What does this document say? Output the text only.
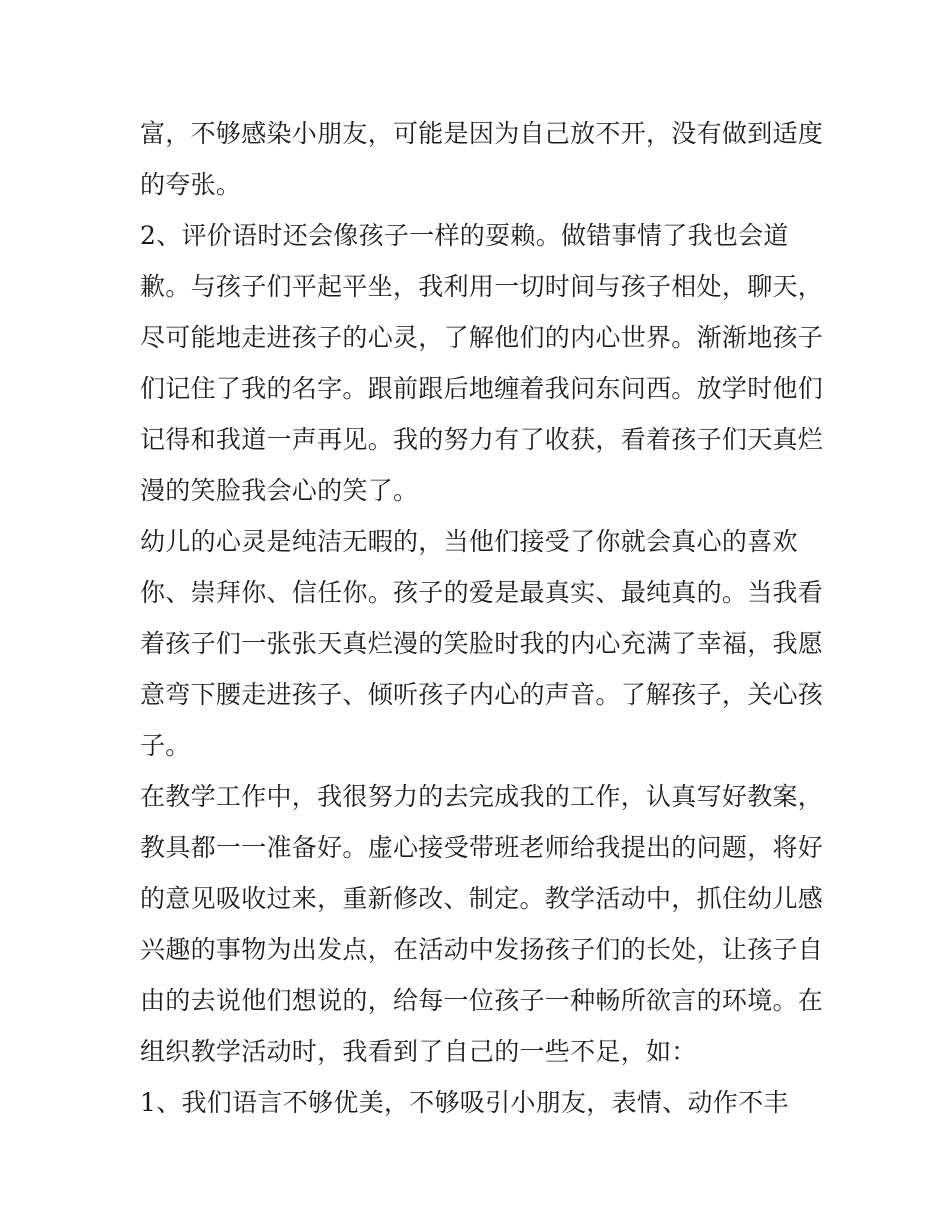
富，不够感染小朋友，可能是因为自己放不开，没有做到适度
的夸张。
2、评价语时还会像孩子一样的耍赖。做错事情了我也会道
歉。与孩子们平起平坐，我利用一切时间与孩子相处，聊天，
尽可能地走进孩子的心灵，了解他们的内心世界。渐渐地孩子
们记住了我的名字。跟前跟后地缠着我问东问西。放学时他们
记得和我道一声再见。我的努力有了收获，看着孩子们天真烂
漫的笑脸我会心的笑了。
幼儿的心灵是纯洁无暇的，当他们接受了你就会真心的喜欢
你、崇拜你、信任你。孩子的爱是最真实、最纯真的。当我看
着孩子们一张张天真烂漫的笑脸时我的内心充满了幸福，我愿
意弯下腰走进孩子、倾听孩子内心的声音。了解孩子，关心孩
子。
在教学工作中，我很努力的去完成我的工作，认真写好教案，
教具都一一准备好。虚心接受带班老师给我提出的问题，将好
的意见吸收过来，重新修改、制定。教学活动中，抓住幼儿感
兴趣的事物为出发点，在活动中发扬孩子们的长处，让孩子自
由的去说他们想说的，给每一位孩子一种畅所欲言的环境。在
组织教学活动时，我看到了自己的一些不足，如：
1、我们语言不够优美，不够吸引小朋友，表情、动作不丰
